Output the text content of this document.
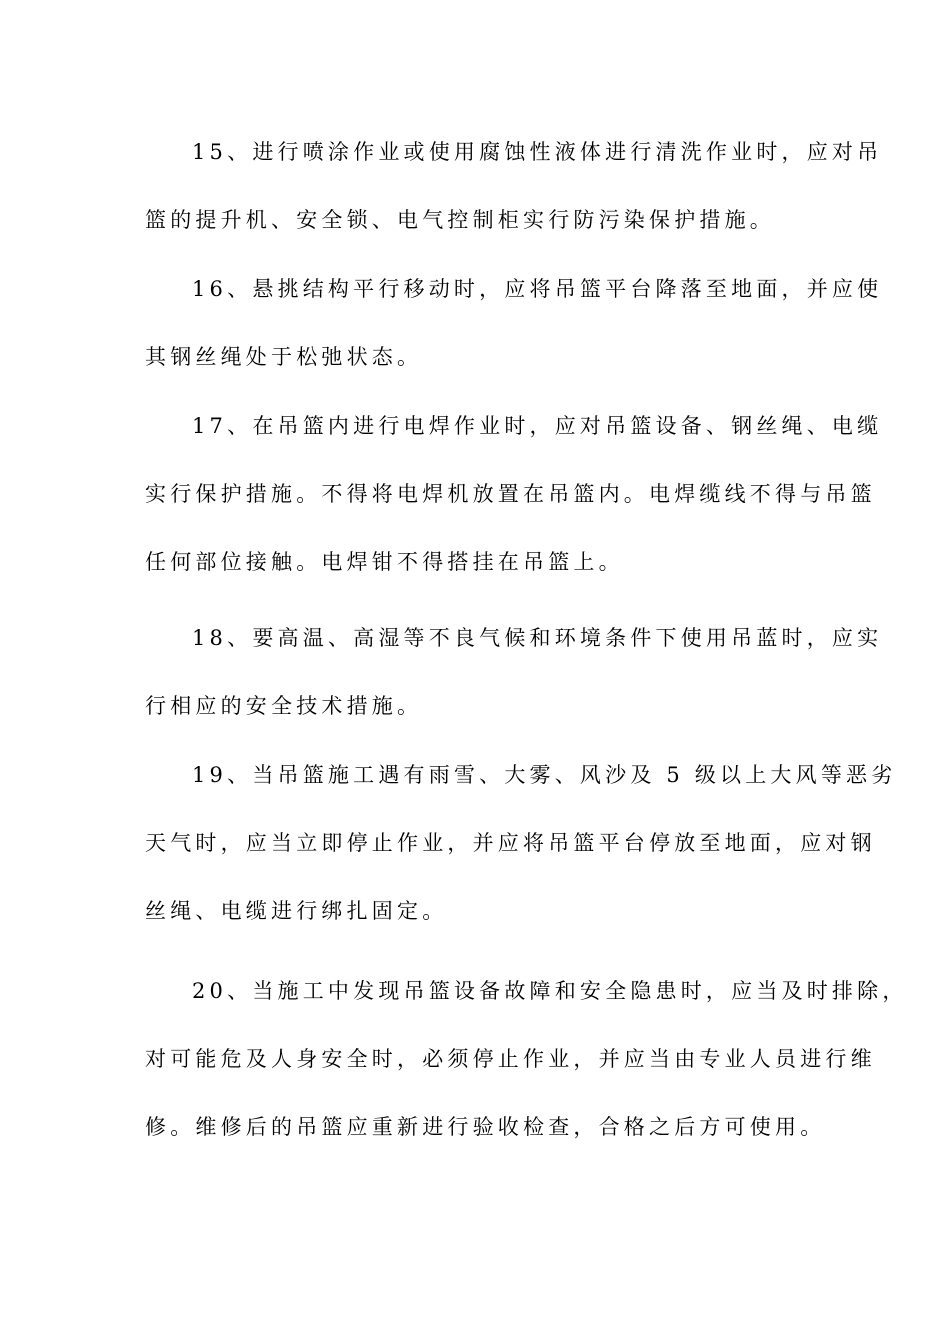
15、进行喷涂作业或使用腐蚀性液体进行清洗作业时，应对吊
篮的提升机、安全锁、电气控制柜实行防污染保护措施。
16、悬挑结构平行移动时，应将吊篮平台降落至地面，并应使
其钢丝绳处于松弛状态。
17、在吊篮内进行电焊作业时，应对吊篮设备、钢丝绳、电缆
实行保护措施。不得将电焊机放置在吊篮内。电焊缆线不得与吊篮
任何部位接触。电焊钳不得搭挂在吊篮上。
18、要高温、高湿等不良气候和环境条件下使用吊蓝时，应实
行相应的安全技术措施。
19、当吊篮施工遇有雨雪、大雾、风沙及 5 级以上大风等恶劣
天气时，应当立即停止作业，并应将吊篮平台停放至地面，应对钢
丝绳、电缆进行绑扎固定。
20、当施工中发现吊篮设备故障和安全隐患时，应当及时排除，
对可能危及人身安全时，必须停止作业，并应当由专业人员进行维
修。维修后的吊篮应重新进行验收检查，合格之后方可使用。
